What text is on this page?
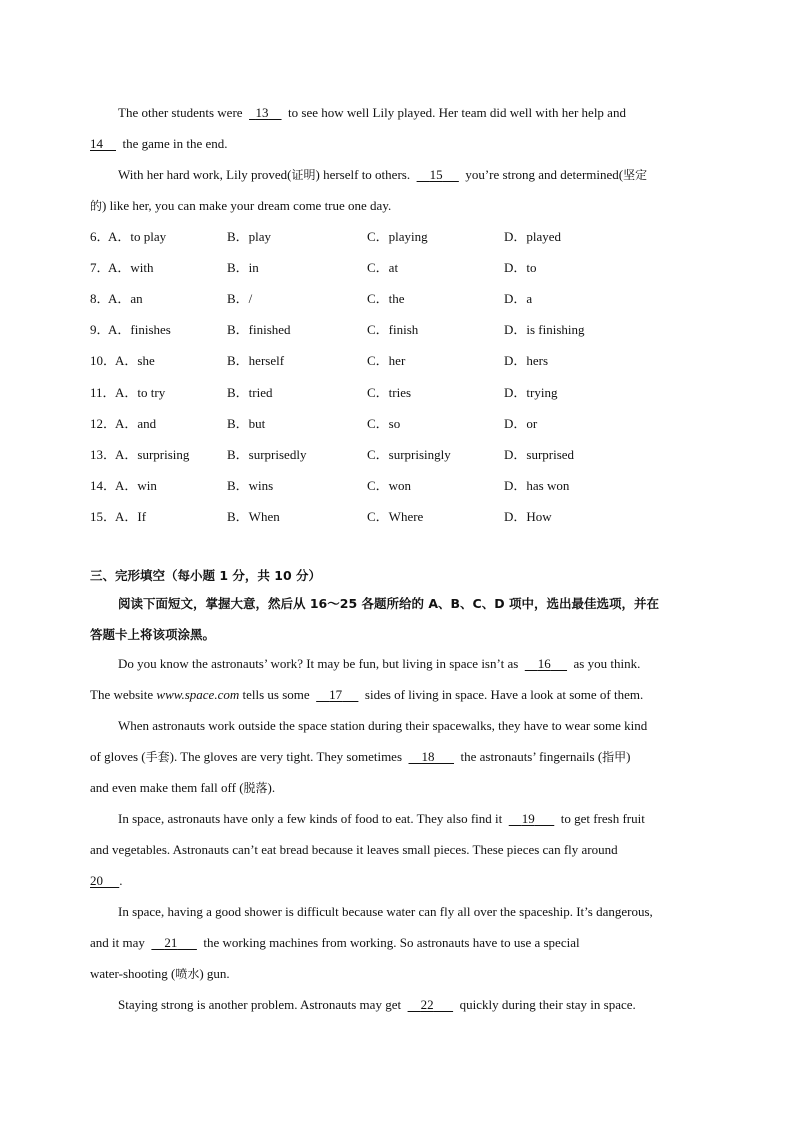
The other students were 13 to see how well Lily played. Her team did well with her help and
14 the game in the end.
With her hard work, Lily proved(证明) herself to others. 15 you’re strong and determined(坚定
的) like her, you can make your dream come true one day.
6．
A．to play	B．play	C．playing	D．played
7．
A．with	B．in	C．at	D．to
8．
A．an	B．/	C．the	D．a
9．
A．finishes	B．finished	C．finish	D．is finishing
10．
A．she	B．herself	C．her	D．hers
11． A．to try	B．tried	C．tries	D．trying
12．
A．and	B．but	C．so	D．or
13．
A．surprising	B．surprisedly	C．surprisingly	D．surprised
14．
A．win	B．wins	C．won	D．has won
15．
A．If	B．When	C．Where	D．How
三、完形填空（每小题 1 分，共 10 分）
阅读下面短文，掌握大意，然后从 16～25 各题所给的 A、B、C、D 项中，选出最佳选项，并在
答题卡上将该项涂黑。
Do you know the astronauts’ work? It may be fun, but living in space isn’t as 16 as you think.
The website www.space.com tells us some 17 sides of living in space. Have a look at some of them.
When astronauts work outside the space station during their spacewalks, they have to wear some kind
of gloves (手套). The gloves are very tight. They sometimes 18 the astronauts’ fingernails (指甲)
and even make them fall off (脱落).
In space, astronauts have only a few kinds of food to eat. They also find it 19 to get fresh fruit
and vegetables. Astronauts can’t eat bread because it leaves small pieces. These pieces can fly around
20 .
In space, having a good shower is difficult because water can fly all over the spaceship. It’s dangerous,
and it may 21 the working machines from working. So astronauts have to use a special
water-shooting (喷水) gun.
Staying strong is another problem. Astronauts may get 22 quickly during their stay in space.
